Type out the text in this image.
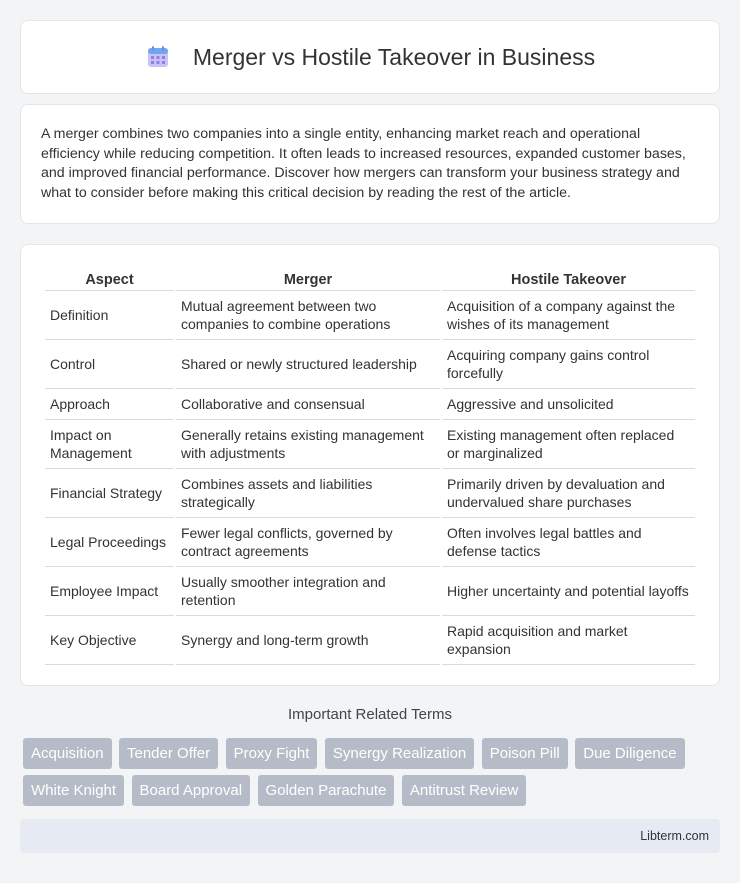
Merger vs Hostile Takeover in Business

A merger combines two companies into a single entity, enhancing market reach and operational efficiency while reducing competition. It often leads to increased resources, expanded customer bases, and improved financial performance. Discover how mergers can transform your business strategy and what to consider before making this critical decision by reading the rest of the article.

Aspect	Merger	Hostile Takeover
Definition	Mutual agreement between two companies to combine operations	Acquisition of a company against the wishes of its management
Control	Shared or newly structured leadership	Acquiring company gains control forcefully
Approach	Collaborative and consensual	Aggressive and unsolicited
Impact on Management	Generally retains existing management with adjustments	Existing management often replaced or marginalized
Financial Strategy	Combines assets and liabilities strategically	Primarily driven by devaluation and undervalued share purchases
Legal Proceedings	Fewer legal conflicts, governed by contract agreements	Often involves legal battles and defense tactics
Employee Impact	Usually smoother integration and retention	Higher uncertainty and potential layoffs
Key Objective	Synergy and long-term growth	Rapid acquisition and market expansion
Important Related Terms
Acquisition Tender Offer Proxy Fight Synergy Realization Poison Pill Due Diligence White Knight Board Approval Golden Parachute Antitrust Review
Libterm.com
